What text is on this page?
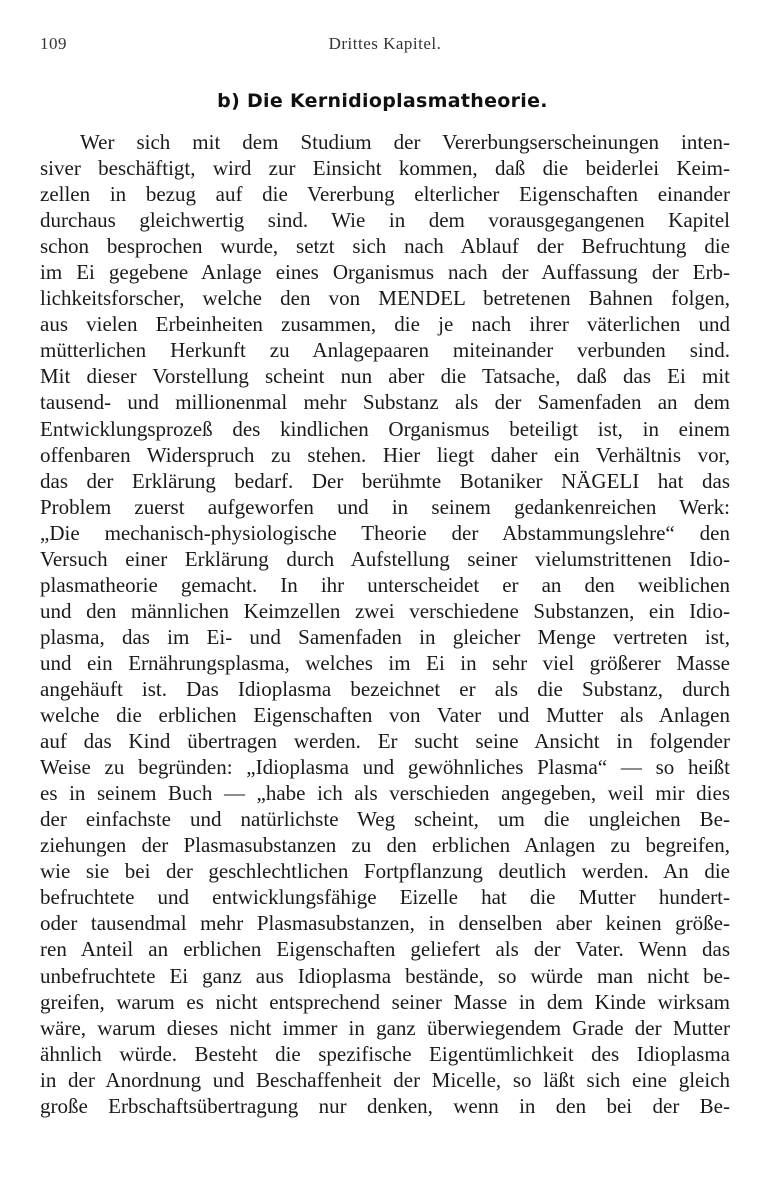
109	Drittes Kapitel.
b) Die Kernidioplasmatheorie.
Wer sich mit dem Studium der Vererbungserscheinungen inten-
siver beschäftigt, wird zur Einsicht kommen, daß die beiderlei Keim-
zellen in bezug auf die Vererbung elterlicher Eigenschaften einander
durchaus gleichwertig sind. Wie in dem vorausgegangenen Kapitel
schon besprochen wurde, setzt sich nach Ablauf der Befruchtung die
im Ei gegebene Anlage eines Organismus nach der Auffassung der Erb-
lichkeitsforscher, welche den von MENDEL betretenen Bahnen folgen,
aus vielen Erbeinheiten zusammen, die je nach ihrer väterlichen und
mütterlichen Herkunft zu Anlagepaaren miteinander verbunden sind.
Mit dieser Vorstellung scheint nun aber die Tatsache, daß das Ei mit
tausend- und millionenmal mehr Substanz als der Samenfaden an dem
Entwicklungsprozeß des kindlichen Organismus beteiligt ist, in einem
offenbaren Widerspruch zu stehen. Hier liegt daher ein Verhältnis vor,
das der Erklärung bedarf. Der berühmte Botaniker NÄGELI hat das
Problem zuerst aufgeworfen und in seinem gedankenreichen Werk:
„Die mechanisch-physiologische Theorie der Abstammungslehre“ den
Versuch einer Erklärung durch Aufstellung seiner vielumstrittenen Idio-
plasmatheorie gemacht. In ihr unterscheidet er an den weiblichen
und den männlichen Keimzellen zwei verschiedene Substanzen, ein Idio-
plasma, das im Ei- und Samenfaden in gleicher Menge vertreten ist,
und ein Ernährungsplasma, welches im Ei in sehr viel größerer Masse
angehäuft ist. Das Idioplasma bezeichnet er als die Substanz, durch
welche die erblichen Eigenschaften von Vater und Mutter als Anlagen
auf das Kind übertragen werden. Er sucht seine Ansicht in folgender
Weise zu begründen: „Idioplasma und gewöhnliches Plasma“ — so heißt
es in seinem Buch — „habe ich als verschieden angegeben, weil mir dies
der einfachste und natürlichste Weg scheint, um die ungleichen Be-
ziehungen der Plasmasubstanzen zu den erblichen Anlagen zu begreifen,
wie sie bei der geschlechtlichen Fortpflanzung deutlich werden. An die
befruchtete und entwicklungsfähige Eizelle hat die Mutter hundert-
oder tausendmal mehr Plasmasubstanzen, in denselben aber keinen größe-
ren Anteil an erblichen Eigenschaften geliefert als der Vater. Wenn das
unbefruchtete Ei ganz aus Idioplasma bestände, so würde man nicht be-
greifen, warum es nicht entsprechend seiner Masse in dem Kinde wirksam
wäre, warum dieses nicht immer in ganz überwiegendem Grade der Mutter
ähnlich würde. Besteht die spezifische Eigentümlichkeit des Idioplasma
in der Anordnung und Beschaffenheit der Micelle, so läßt sich eine gleich
große Erbschaftsübertragung nur denken, wenn in den bei der Be-
